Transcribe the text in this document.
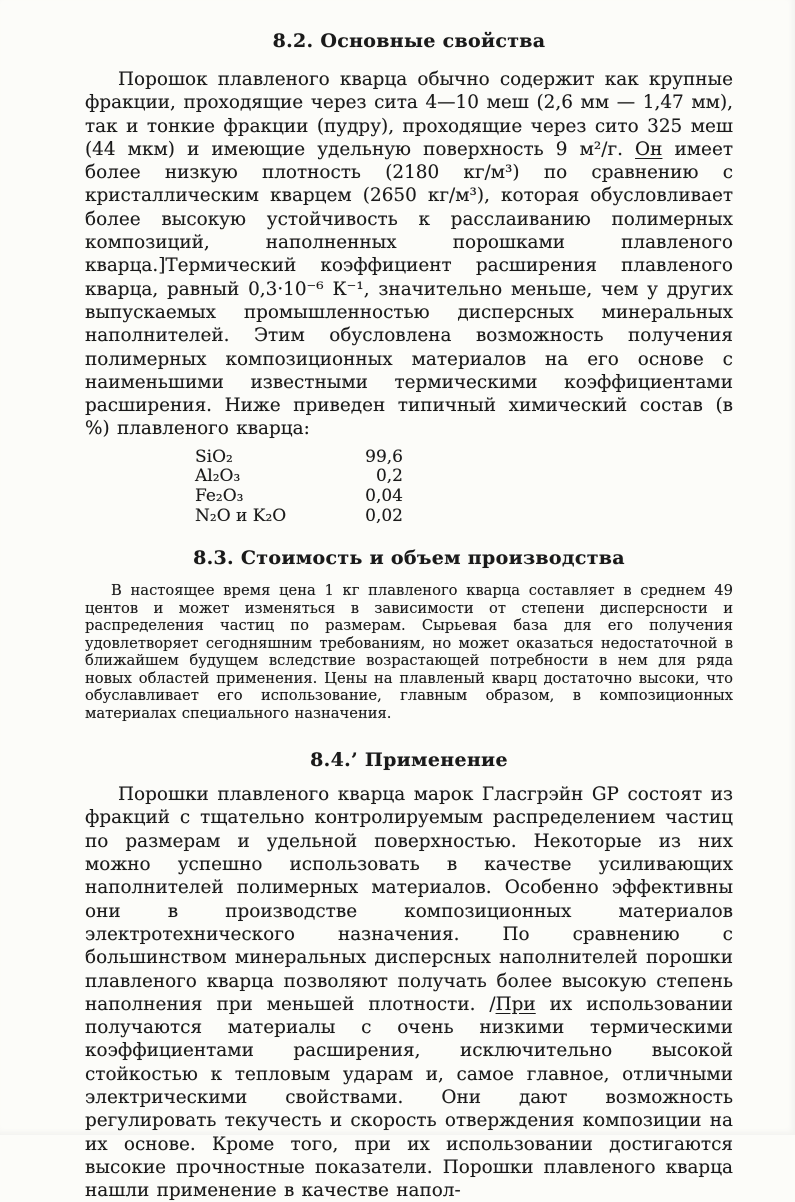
8.2. Основные свойства

Порошок плавленого кварца обычно содержит как крупные фракции, проходящие через сита 4—10 меш (2,6 мм — 1,47 мм), так и тонкие фракции (пудру), проходящие через сито 325 меш (44 мкм) и имеющие удельную поверхность 9 м²/г. Он имеет более низкую плотность (2180 кг/м³) по сравнению с кристаллическим кварцем (2650 кг/м³), которая обусловливает более высокую устойчивость к расслаиванию полимерных композиций, наполненных порошками плавленого кварца.]Термический коэффициент расширения плавленого кварца, равный 0,3·10⁻⁶ К⁻¹, значительно меньше, чем у других выпускаемых промышленностью дисперсных минеральных наполнителей. Этим обусловлена возможность получения полимерных композиционных материалов на его основе с наименьшими известными термическими коэффициентами расширения. Ниже приведен типичный химический состав (в %) плавленого кварца:

SiO₂	99,6
Al₂O₃	0,2
Fe₂O₃	0,04
N₂O и K₂O	0,02
8.3. Стоимость и объем производства

В настоящее время цена 1 кг плавленого кварца составляет в среднем 49 центов и может изменяться в зависимости от степени дисперсности и распределения частиц по размерам. Сырьевая база для его получения удовлетворяет сегодняшним требованиям, но может оказаться недостаточной в ближайшем будущем вследствие возрастающей потребности в нем для ряда новых областей применения. Цены на плавленый кварц достаточно высоки, что обуславливает его использование, главным образом, в композиционных материалах специального назначения.

8.4.’ Применение

Порошки плавленого кварца марок Гласгрэйн GP состоят из фракций с тщательно контролируемым распределением частиц по размерам и удельной поверхностью. Некоторые из них можно успешно использовать в качестве усиливающих наполнителей полимерных материалов. Особенно эффективны они в производстве композиционных материалов электротехнического назначения. По сравнению с большинством минеральных дисперсных наполнителей порошки плавленого кварца позволяют получать более высокую степень наполнения при меньшей плотности. /При их использовании получаются материалы с очень низкими термическими коэффициентами расширения, исключительно высокой стойкостью к тепловым ударам и, самое главное, отличными электрическими свойствами. Они дают возможность регулировать текучесть и скорость отверждения композиции на их основе. Кроме того, при их использовании достигаются высокие прочностные показатели. Порошки плавленого кварца нашли применение в качестве напол-
